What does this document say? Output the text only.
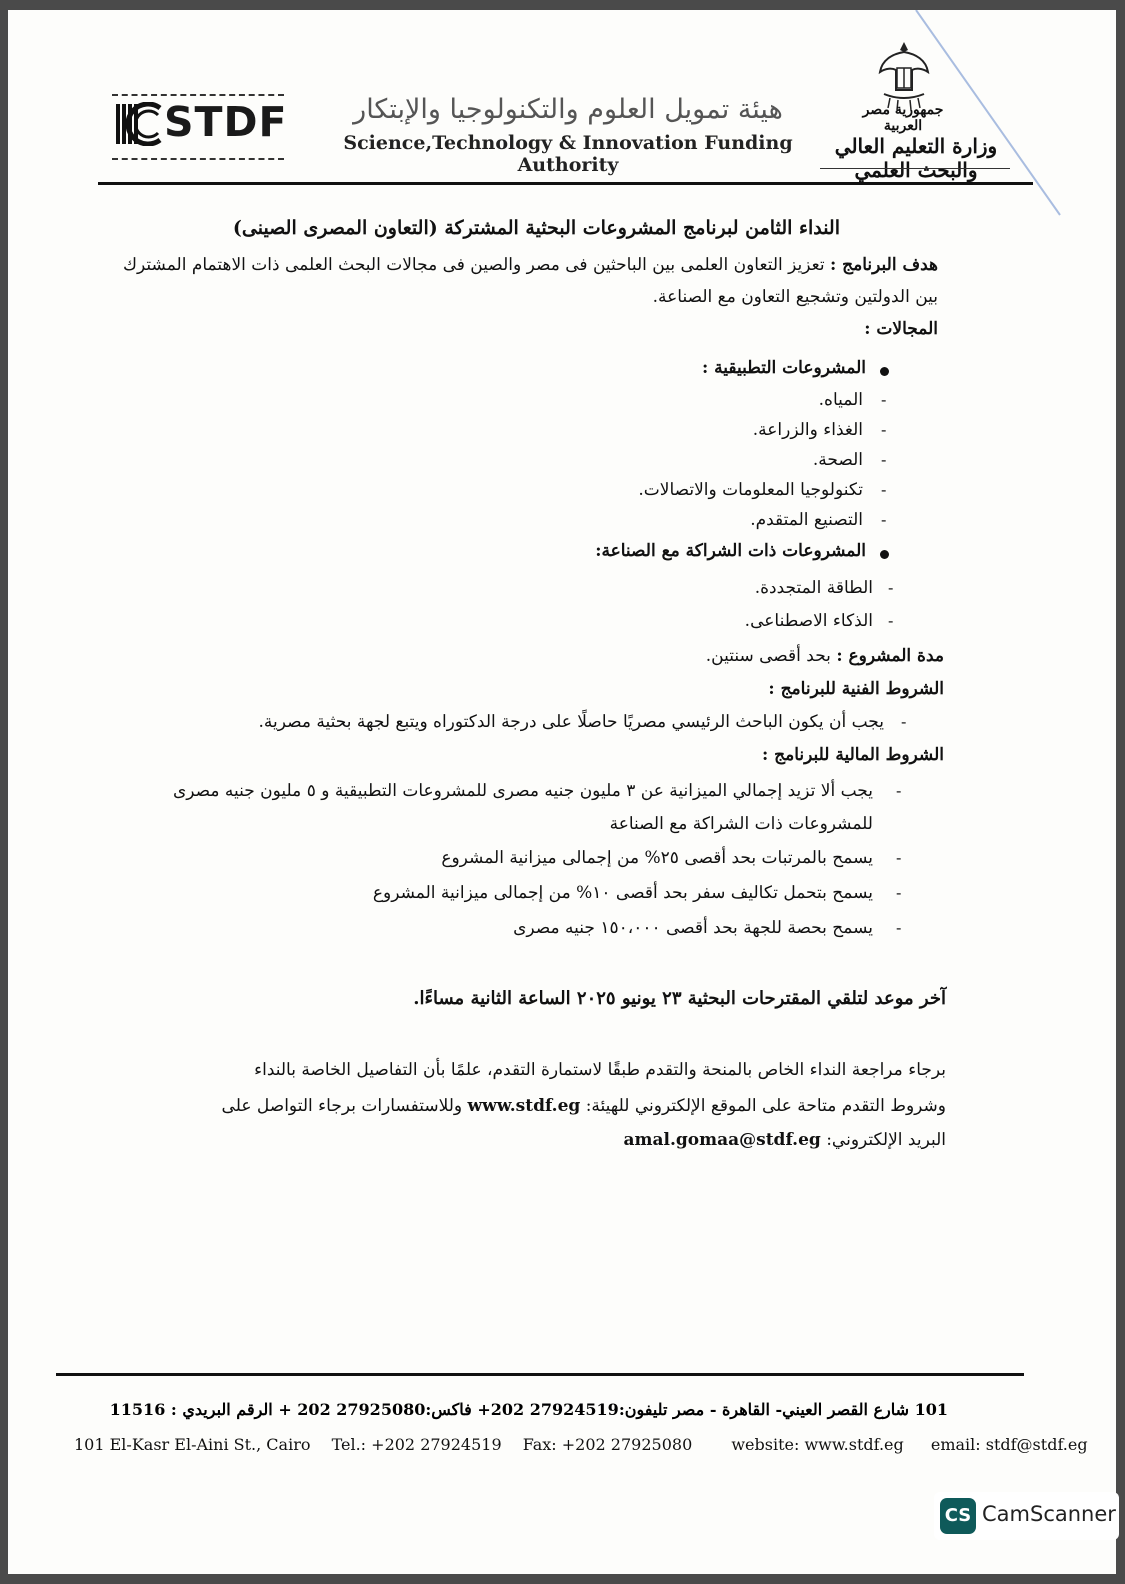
STDF هيئة تمويل العلوم والتكنولوجيا والإبتكار
Science,Technology & Innovation Funding Authority
جمهورية مصر العربية
وزارة التعليم العالي والبحث العلمي
النداء الثامن لبرنامج المشروعات البحثية المشتركة (التعاون المصرى الصينى)
هدف البرنامج : تعزيز التعاون العلمى بين الباحثين فى مصر والصين فى مجالات البحث العلمى ذات الاهتمام المشترك
بين الدولتين وتشجيع التعاون مع الصناعة.
المجالات :
المشروعات التطبيقية :
-
المياه.
-
الغذاء والزراعة.
-
الصحة.
-
تكنولوجيا المعلومات والاتصالات.
-
التصنيع المتقدم.
المشروعات ذات الشراكة مع الصناعة:
-
الطاقة المتجددة.
-
الذكاء الاصطناعى.
مدة المشروع : بحد أقصى سنتين.
الشروط الفنية للبرنامج :
-
يجب أن يكون الباحث الرئيسي مصريًا حاصلًا على درجة الدكتوراه ويتبع لجهة بحثية مصرية.
الشروط المالية للبرنامج :
-
يجب ألا تزيد إجمالي الميزانية عن ٣ مليون جنيه مصرى للمشروعات التطبيقية و ٥ مليون جنيه مصرى
للمشروعات ذات الشراكة مع الصناعة
-
يسمح بالمرتبات بحد أقصى ٢٥% من إجمالى ميزانية المشروع
-
يسمح بتحمل تكاليف سفر بحد أقصى ١٠% من إجمالى ميزانية المشروع
-
يسمح بحصة للجهة بحد أقصى ١٥٠،٠٠٠ جنيه مصرى
آخر موعد لتلقي المقترحات البحثية ٢٣ يونيو ٢٠٢٥ الساعة الثانية مساءًا.
برجاء مراجعة النداء الخاص بالمنحة والتقدم طبقًا لاستمارة التقدم، علمًا بأن التفاصيل الخاصة بالنداء
وشروط التقدم متاحة على الموقع الإلكتروني للهيئة: www.stdf.eg وللاستفسارات برجاء التواصل على
البريد الإلكتروني: amal.gomaa@stdf.eg
101 شارع القصر العيني- القاهرة - مصر تليفون:27924519 202+ فاكس:27925080 202 + الرقم البريدي : 11516
101 El-Kasr El-Aini St., Cairo Tel.: +202 27924519 Fax: +202 27925080 website: www.stdf.eg email: stdf@stdf.eg
CS CamScanner
